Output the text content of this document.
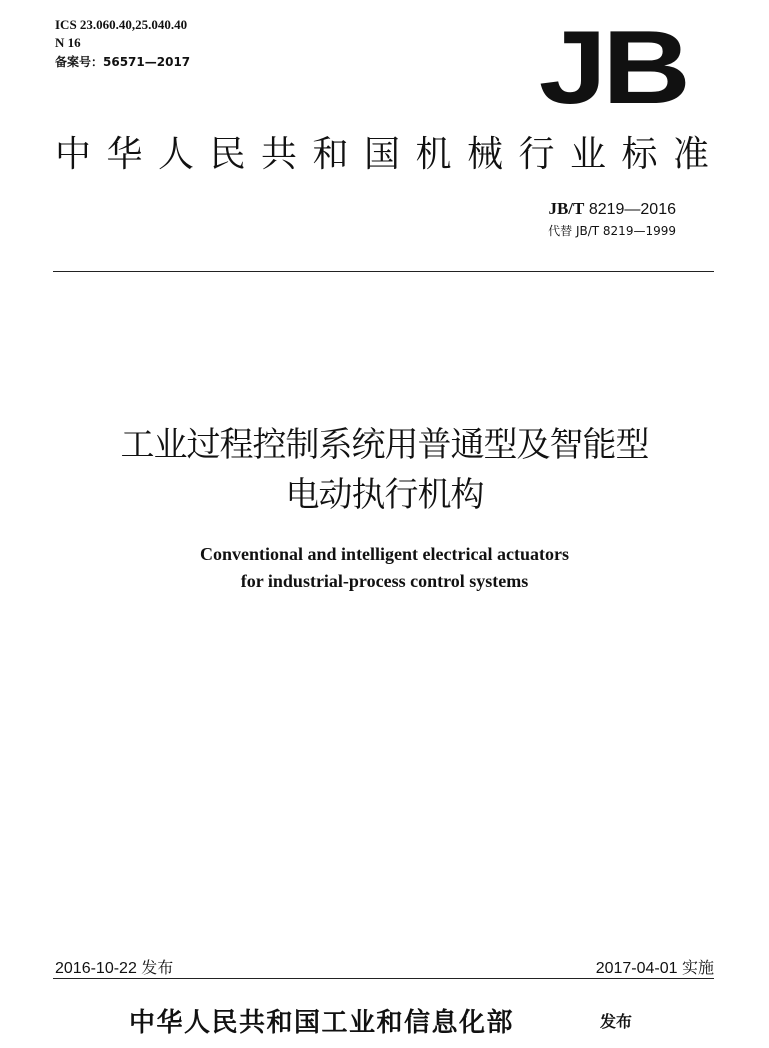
ICS 23.060.40,25.040.40
N 16
备案号：56571—2017	JB
中华人民共和国机械行业标准
JB/T 8219—2016
代替 JB/T 8219—1999
工业过程控制系统用普通型及智能型
电动执行机构
Conventional and intelligent electrical actuators
for industrial-process control systems
2016-10-22 发布	2017-04-01 实施
中华人民共和国工业和信息化部	发布
